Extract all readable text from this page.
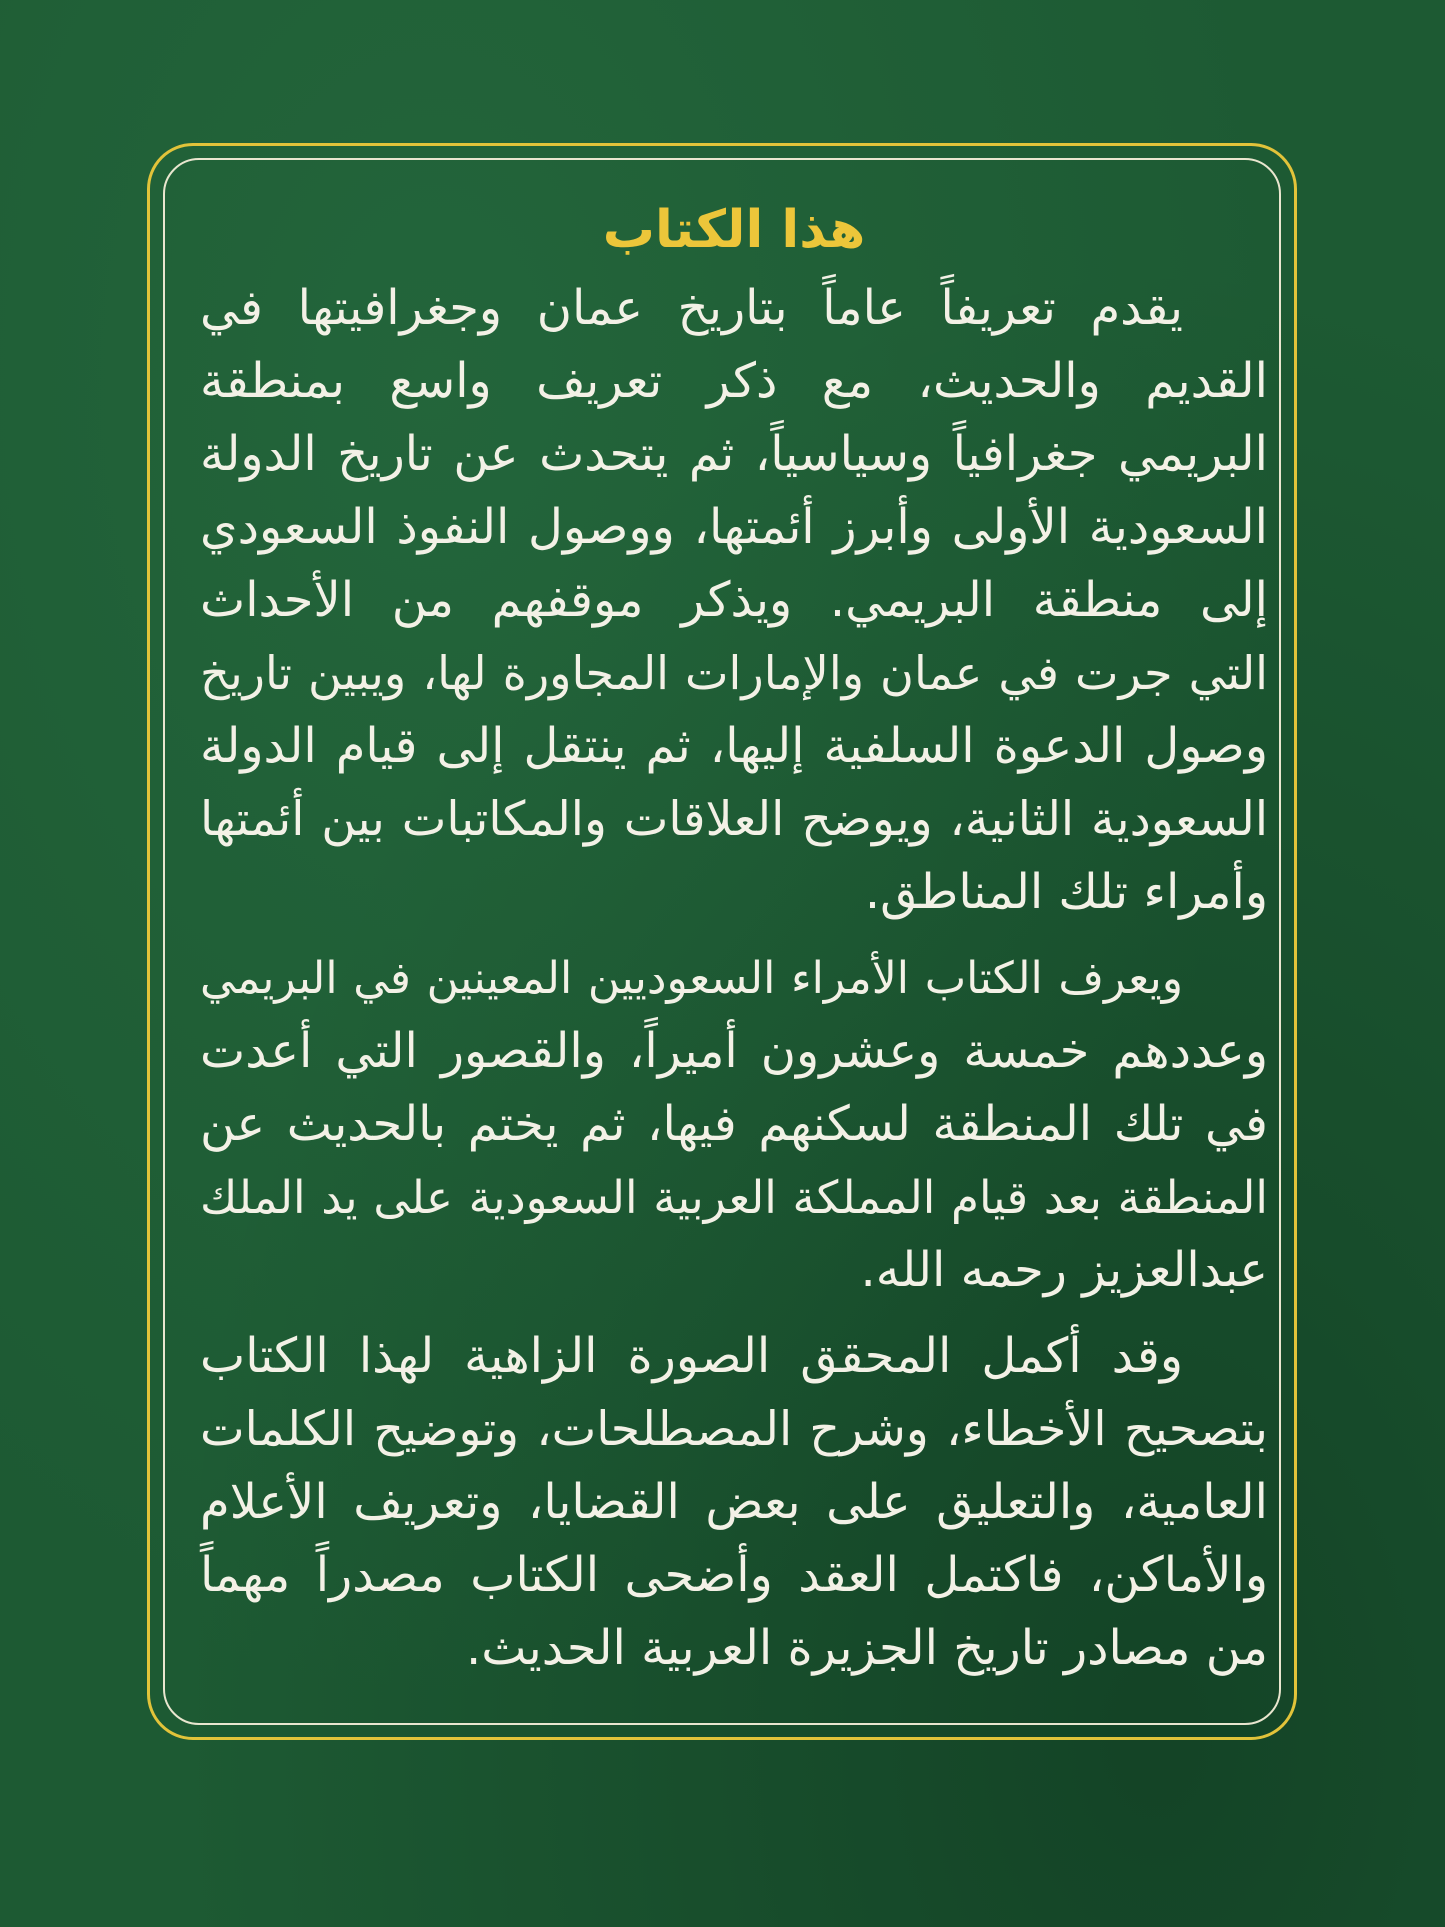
هذا الكتاب
يقدم تعريفاً عاماً بتاريخ عمان وجغرافيتها في
القديم والحديث، مع ذكر تعريف واسع بمنطقة
البريمي جغرافياً وسياسياً، ثم يتحدث عن تاريخ الدولة
السعودية الأولى وأبرز أئمتها، ووصول النفوذ السعودي
إلى منطقة البريمي. ويذكر موقفهم من الأحداث
التي جرت في عمان والإمارات المجاورة لها، ويبين تاريخ
وصول الدعوة السلفية إليها، ثم ينتقل إلى قيام الدولة
السعودية الثانية، ويوضح العلاقات والمكاتبات بين أئمتها
وأمراء تلك المناطق.
ويعرف الكتاب الأمراء السعوديين المعينين في البريمي
وعددهم خمسة وعشرون أميراً، والقصور التي أعدت
في تلك المنطقة لسكنهم فيها، ثم يختم بالحديث عن
المنطقة بعد قيام المملكة العربية السعودية على يد الملك
عبدالعزيز رحمه الله.
وقد أكمل المحقق الصورة الزاهية لهذا الكتاب
بتصحيح الأخطاء، وشرح المصطلحات، وتوضيح الكلمات
العامية، والتعليق على بعض القضايا، وتعريف الأعلام
والأماكن، فاكتمل العقد وأضحى الكتاب مصدراً مهماً
من مصادر تاريخ الجزيرة العربية الحديث.
